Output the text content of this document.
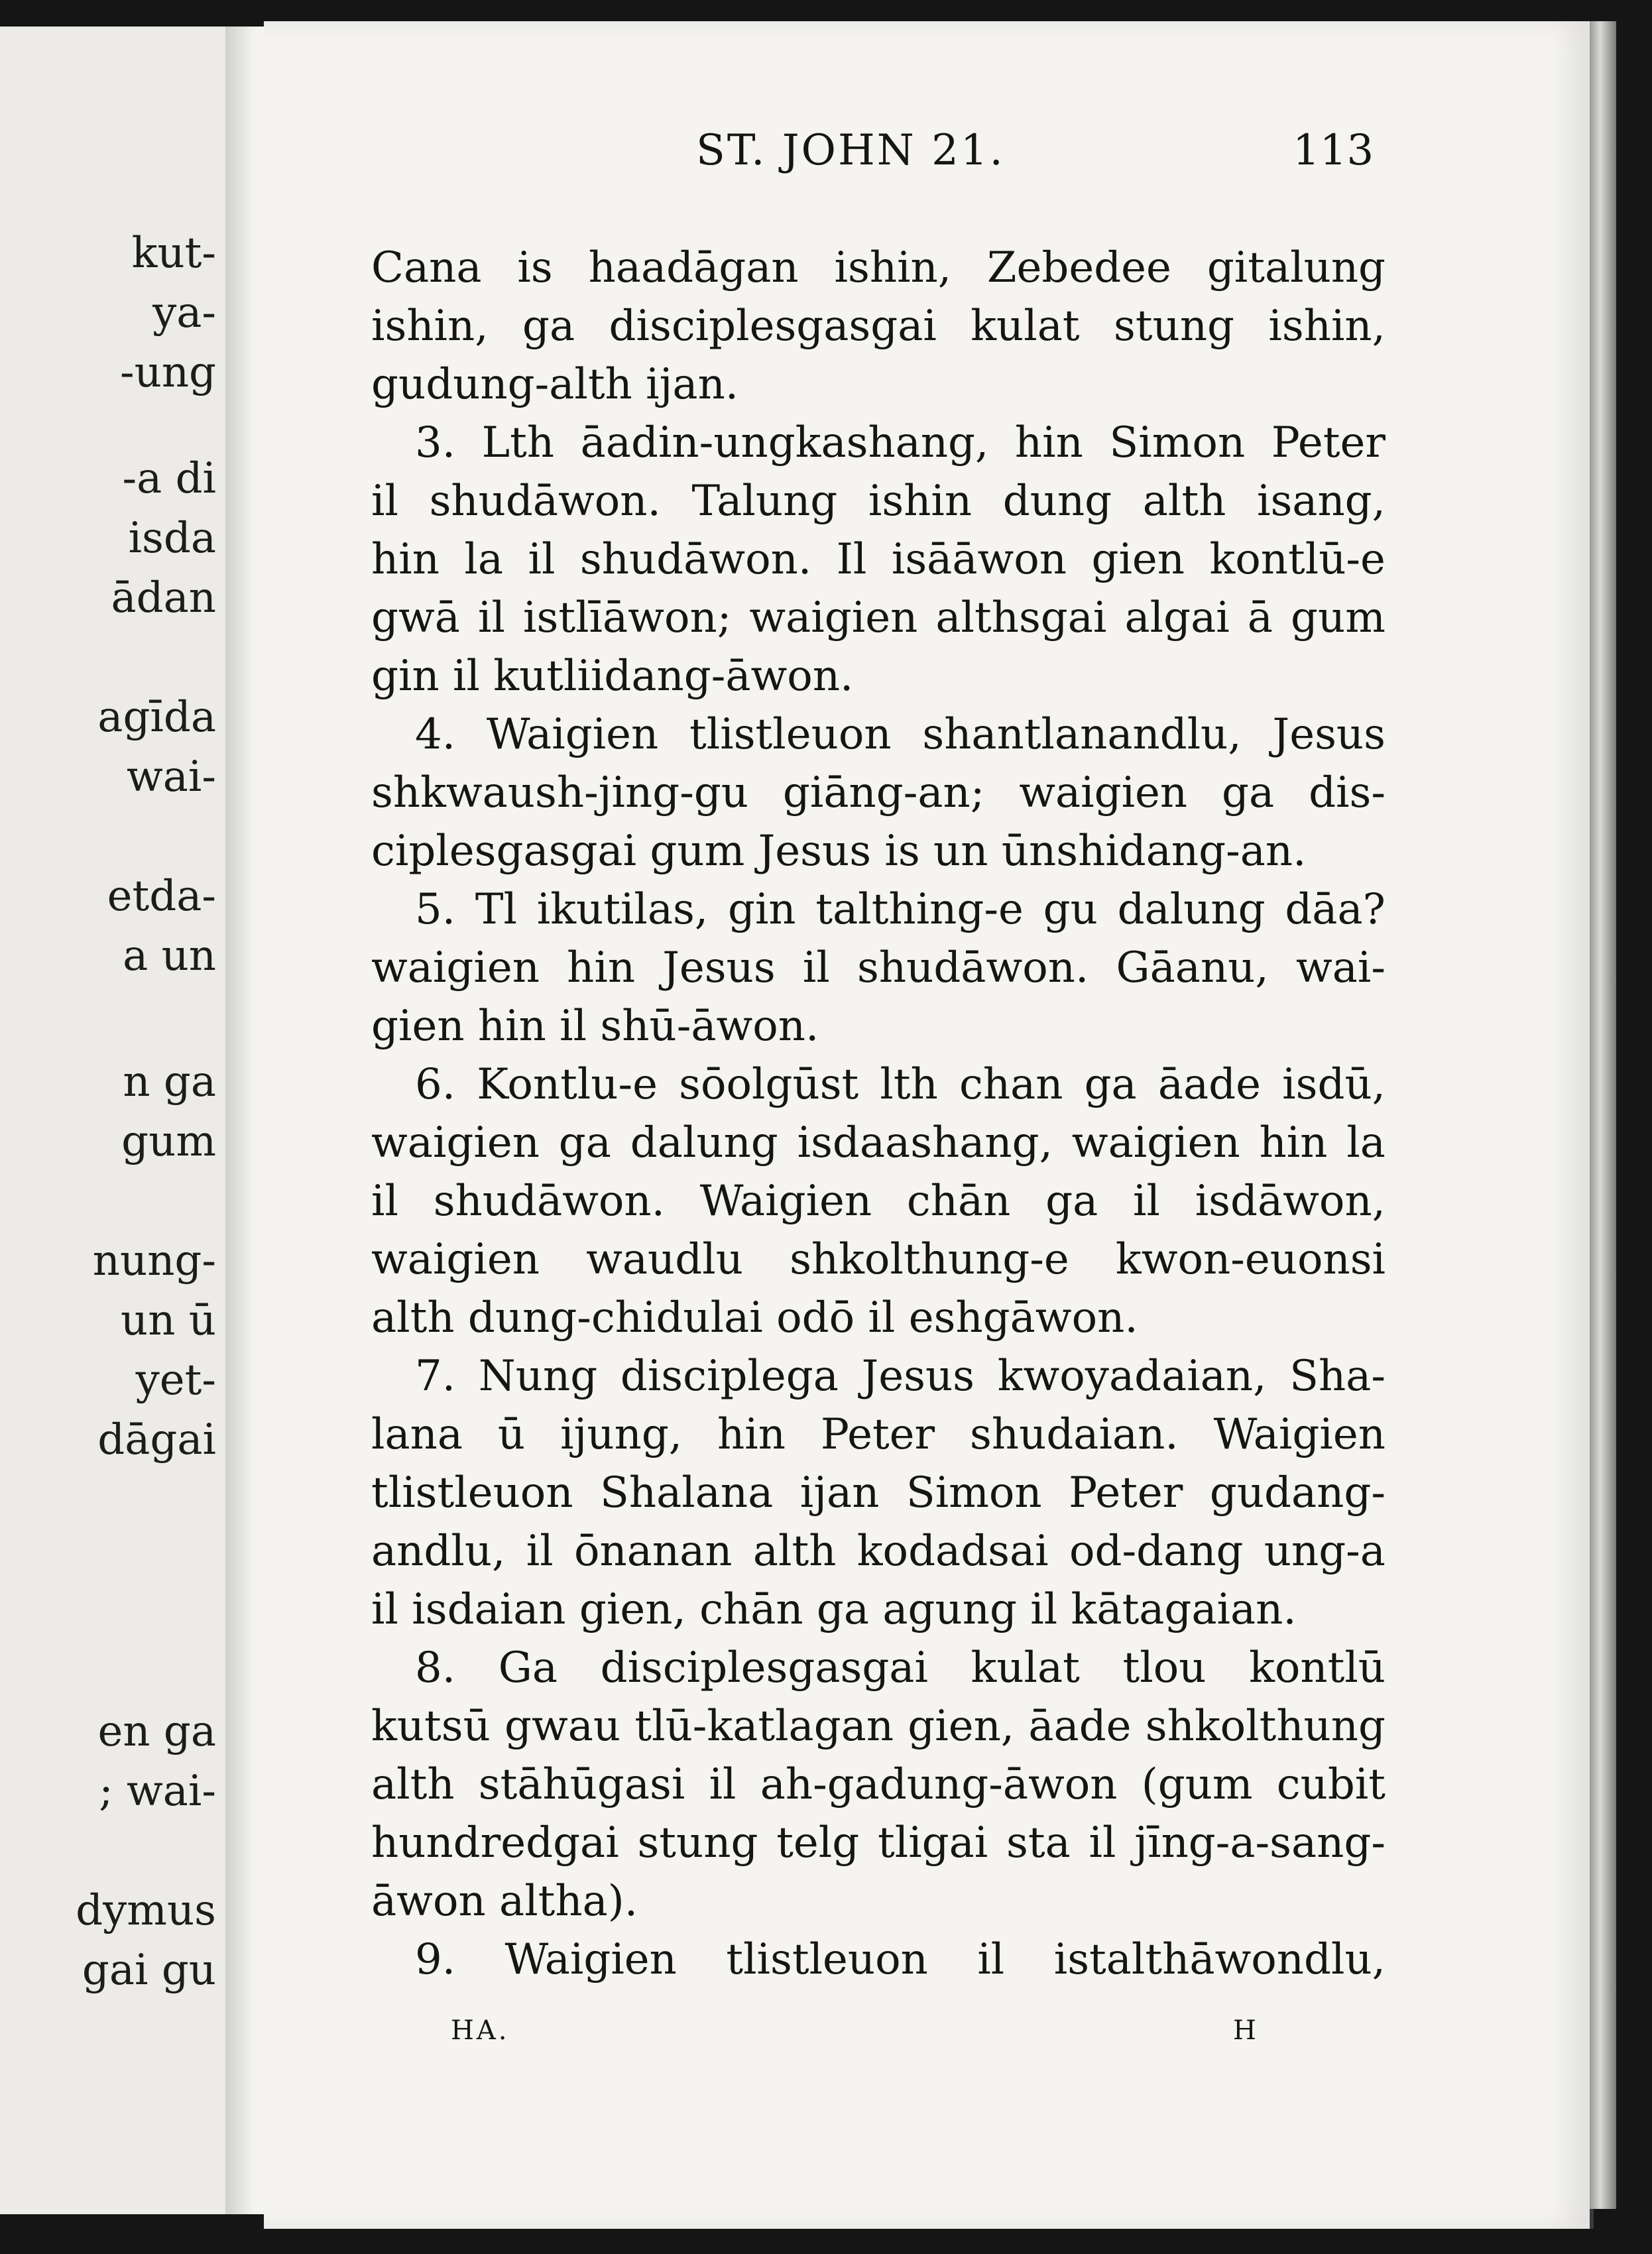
kut-
ya-
-ung
-a di
isda
ādan
agīda
wai-
etda-
a un
n ga
gum
nung-
un ū
yet-
dāgai
en ga
; wai-
dymus
gai gu
ST. JOHN 21.	113
Cana is haadāgan ishin, Zebedee gitalung
ishin, ga disciplesgasgai kulat stung ishin,
gudung-alth ijan.
3. Lth āadin-ungkashang, hin Simon Peter
il shudāwon. Talung ishin dung alth isang,
hin la il shudāwon. Il isāāwon gien kontlū-e
gwā il istlīāwon; waigien althsgai algai ā gum
gin il kutliidang-āwon.
4. Waigien tlistleuon shantlanandlu, Jesus
shkwaush-jing-gu giāng-an; waigien ga dis-
ciplesgasgai gum Jesus is un ūnshidang-an.
5. Tl ikutilas, gin talthing-e gu dalung dāa?
waigien hin Jesus il shudāwon. Gāanu, wai-
gien hin il shū-āwon.
6. Kontlu-e sōolgūst lth chan ga āade isdū,
waigien ga dalung isdaashang, waigien hin la
il shudāwon. Waigien chān ga il isdāwon,
waigien waudlu shkolthung-e kwon-euonsi
alth dung-chidulai odō il eshgāwon.
7. Nung disciplega Jesus kwoyadaian, Sha-
lana ū ijung, hin Peter shudaian. Waigien
tlistleuon Shalana ijan Simon Peter gudang-
andlu, il ōnanan alth kodadsai od-dang ung-a
il isdaian gien, chān ga agung il kātagaian.
8. Ga disciplesgasgai kulat tlou kontlū
kutsū gwau tlū-katlagan gien, āade shkolthung
alth stāhūgasi il ah-gadung-āwon (gum cubit
hundredgai stung telg tligai sta il jīng-a-sang-
āwon altha).
9. Waigien tlistleuon il istalthāwondlu,
HA.	H
